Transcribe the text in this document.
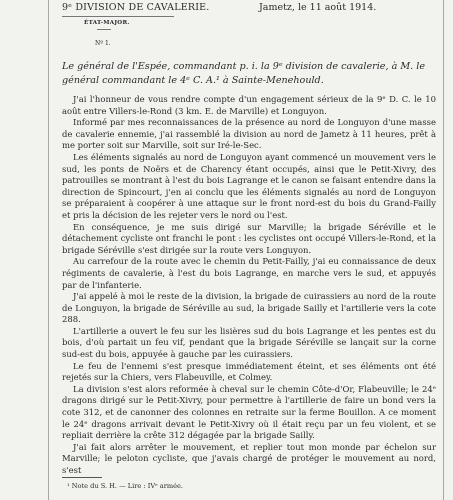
9ᵉ DIVISION DE CAVALERIE.	Jametz, le 11 août 1914.
ÉTAT-MAJOR.
Nº 1.
Le général de l'Espée, commandant p. i. la 9ᵉ division de cavalerie, à M. le général commandant le 4ᵉ C. A.¹ à Sainte-Menehould.

J'ai l'honneur de vous rendre compte d'un engagement sérieux de la 9ᵉ D. C. le 10 août entre Villers-le-Rond (3 km. E. de Marville) et Longuyon.

Informé par mes reconnaissances de la présence au nord de Longuyon d'une masse de cavalerie ennemie, j'ai rassemblé la division au nord de Jametz à 11 heures, prêt à me porter soit sur Marville, soit sur Iré-le-Sec.

Les éléments signalés au nord de Longuyon ayant commencé un mouvement vers le sud, les ponts de Noërs et de Charency étant occupés, ainsi que le Petit-Xivry, des patrouilles se montrant à l'est du bois Lagrange et le canon se faisant entendre dans la direction de Spincourt, j'en ai conclu que les éléments signalés au nord de Longuyon se préparaient à coopérer à une attaque sur le front nord-est du bois du Grand-Failly et pris la décision de les rejeter vers le nord ou l'est.

En conséquence, je me suis dirigé sur Marville; la brigade Séréville et le détachement cycliste ont franchi le pont : les cyclistes ont occupé Villers-le-Rond, et la brigade Séréville s'est dirigée sur la route vers Longuyon.

Au carrefour de la route avec le chemin du Petit-Failly, j'ai eu connaissance de deux régiments de cavalerie, à l'est du bois Lagrange, en marche vers le sud, et appuyés par de l'infanterie.

J'ai appelé à moi le reste de la division, la brigade de cuirassiers au nord de la route de Longuyon, la brigade de Séréville au sud, la brigade Sailly et l'artillerie vers la cote 288.

L'artillerie a ouvert le feu sur les lisières sud du bois Lagrange et les pentes est du bois, d'où partait un feu vif, pendant que la brigade Séréville se lançait sur la corne sud-est du bois, appuyée à gauche par les cuirassiers.

Le feu de l'ennemi s'est presque immédiatement éteint, et ses éléments ont été rejetés sur la Chiers, vers Flabeuville, et Colmey.

La division s'est alors reformée à cheval sur le chemin Côte-d'Or, Flabeuville; le 24ᵉ dragons dirigé sur le Petit-Xivry, pour permettre à l'artillerie de faire un bond vers la cote 312, et de canonner des colonnes en retraite sur la ferme Bouillon. A ce moment le 24ᵉ dragons arrivait devant le Petit-Xivry où il était reçu par un feu violent, et se repliait derrière la crête 312 dégagée par la brigade Sailly.

J'ai fait alors arrêter le mouvement, et replier tout mon monde par échelon sur Marville; le peloton cycliste, que j'avais chargé de protéger le mouvement au nord, s'est

¹ Note du S. H. — Lire : IVᵉ armée.
